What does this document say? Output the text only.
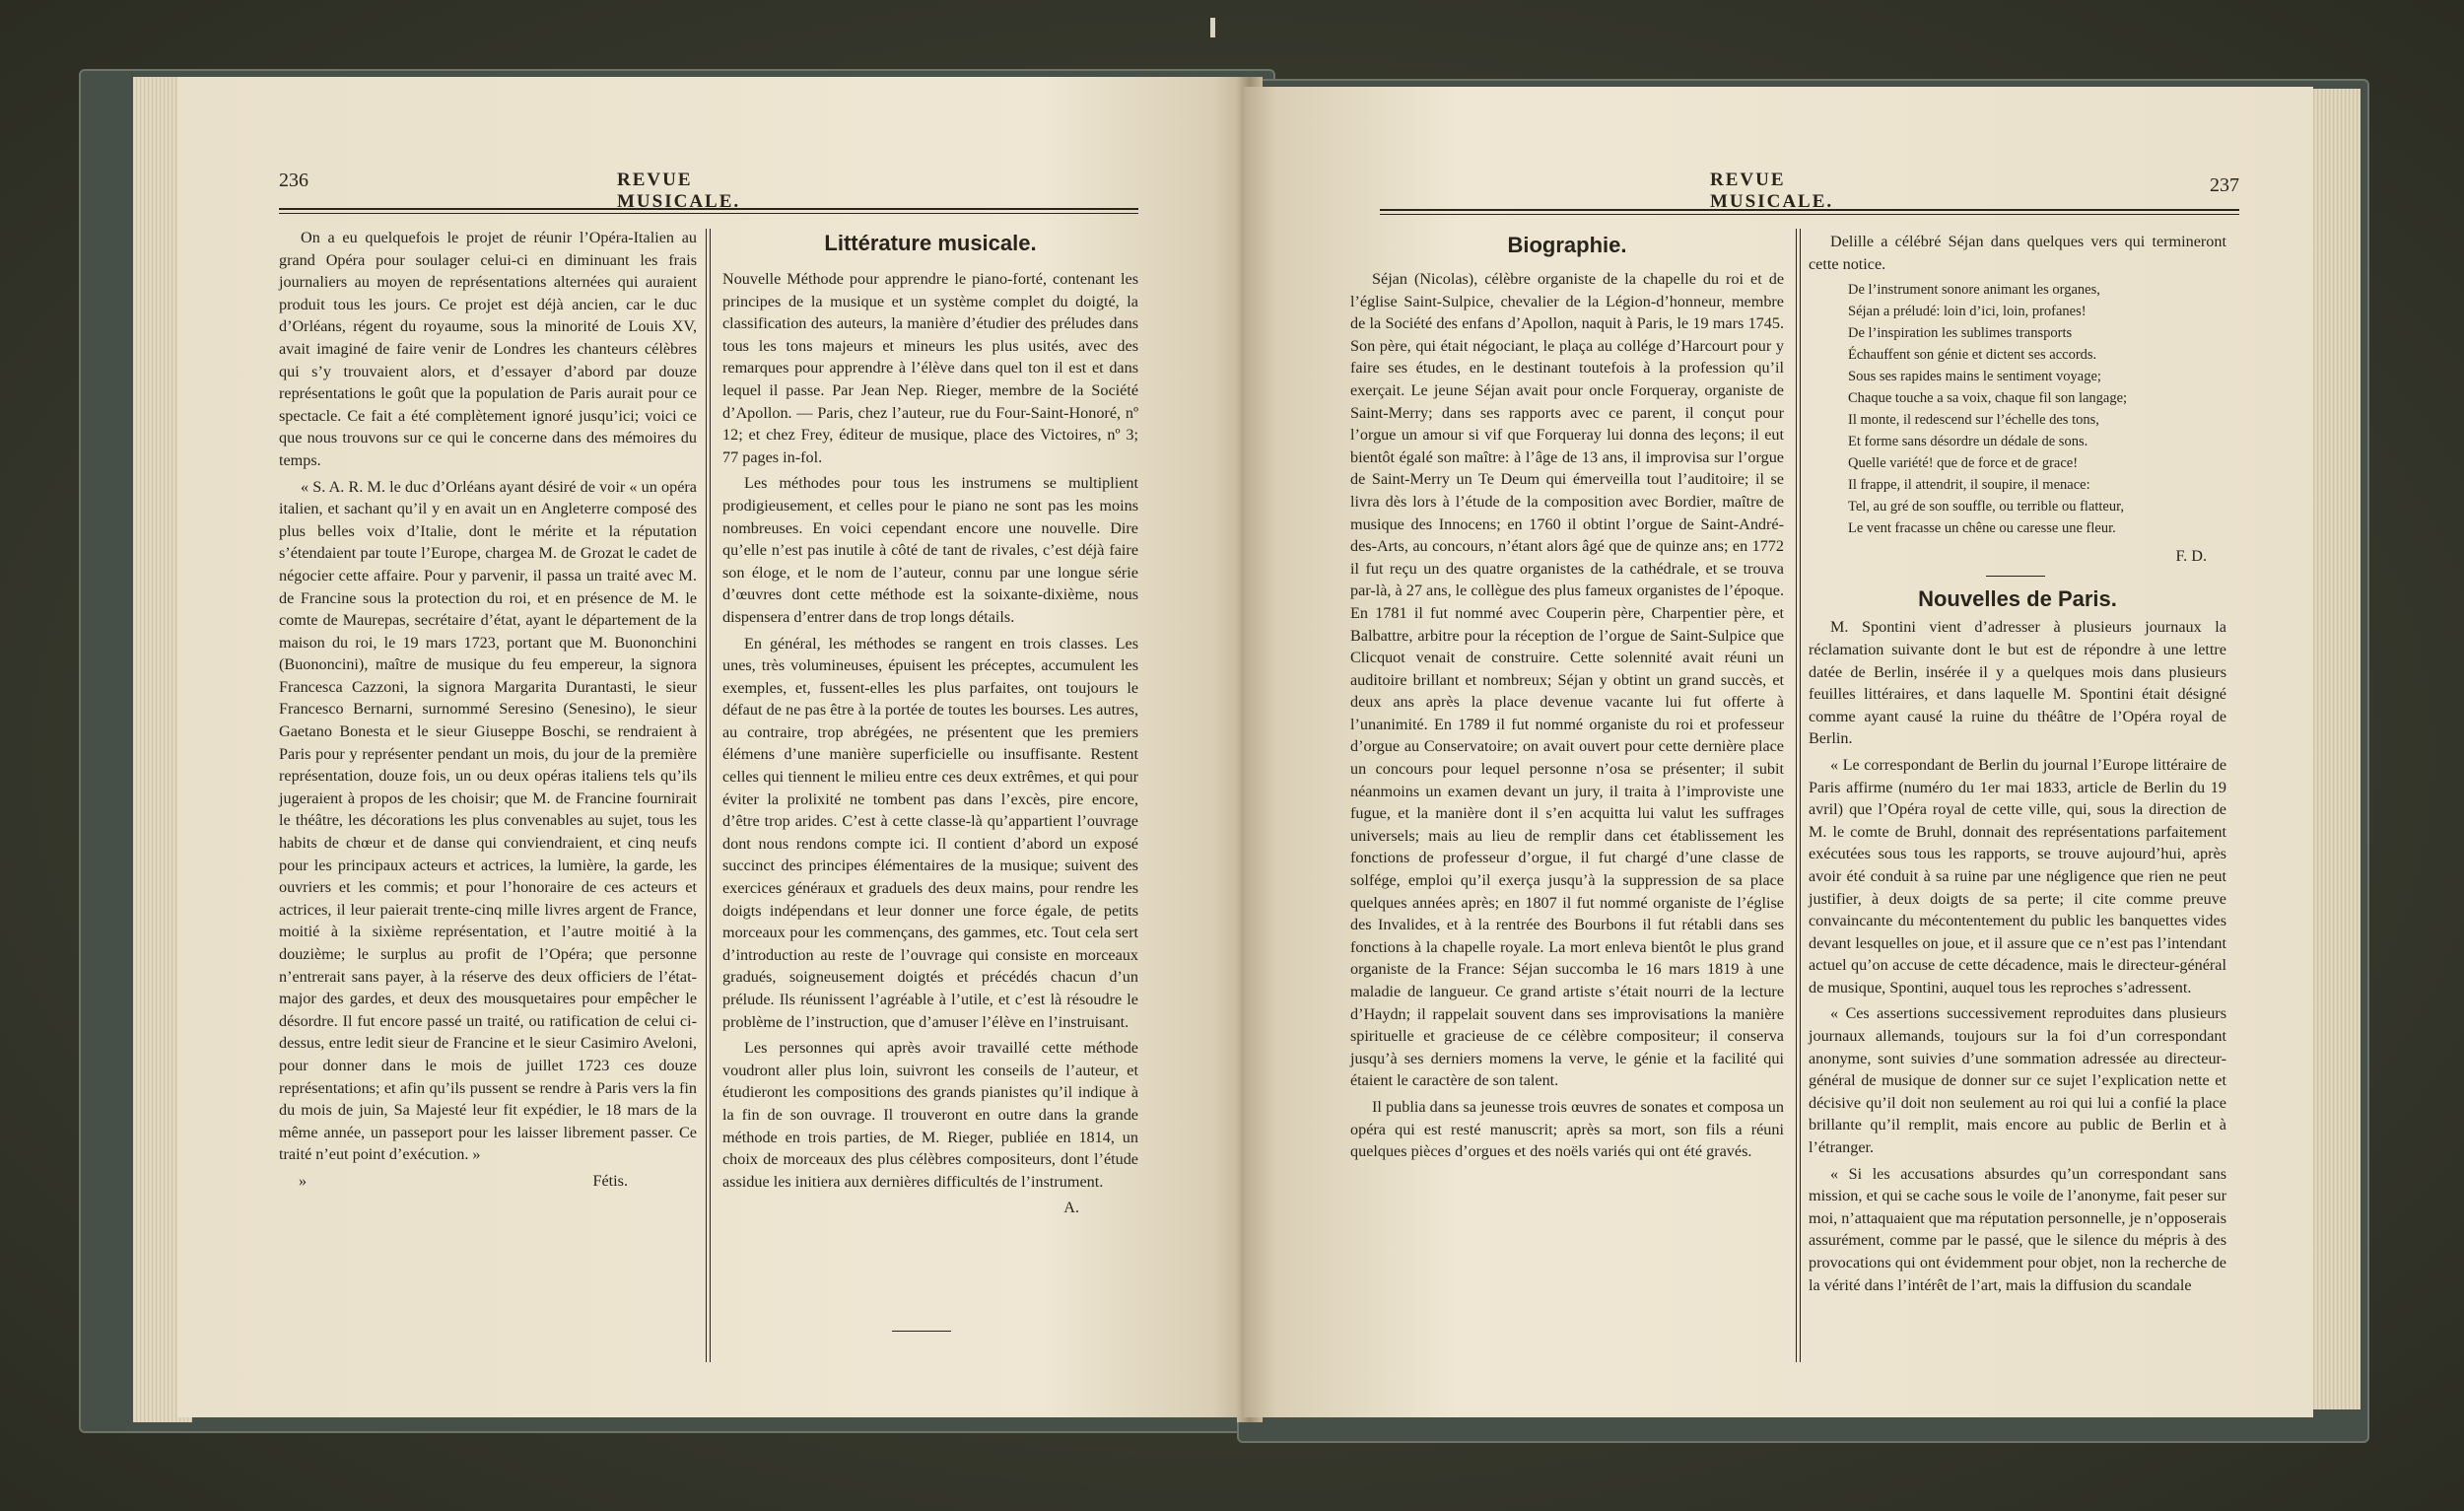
236	REVUE MUSICALE.

On a eu quelquefois le projet de réunir l’Opéra-Italien au grand Opéra pour soulager celui-ci en diminuant les frais journaliers au moyen de représentations alternées qui auraient produit tous les jours. Ce projet est déjà ancien, car le duc d’Orléans, régent du royaume, sous la minorité de Louis XV, avait imaginé de faire venir de Londres les chanteurs célèbres qui s’y trouvaient alors, et d’essayer d’abord par douze représentations le goût que la population de Paris aurait pour ce spectacle. Ce fait a été complètement ignoré jusqu’ici; voici ce que nous trouvons sur ce qui le concerne dans des mémoires du temps.

« S. A. R. M. le duc d’Orléans ayant désiré de voir « un opéra italien, et sachant qu’il y en avait un en Angleterre composé des plus belles voix d’Italie, dont le mérite et la réputation s’étendaient par toute l’Europe, chargea M. de Grozat le cadet de négocier cette affaire. Pour y parvenir, il passa un traité avec M. de Francine sous la protection du roi, et en présence de M. le comte de Maurepas, secrétaire d’état, ayant le département de la maison du roi, le 19 mars 1723, portant que M. Buononchini (Buononcini), maître de musique du feu empereur, la signora Francesca Cazzoni, la signora Margarita Durantasti, le sieur Francesco Bernarni, surnommé Seresino (Senesino), le sieur Gaetano Bonesta et le sieur Giuseppe Boschi, se rendraient à Paris pour y représenter pendant un mois, du jour de la première représentation, douze fois, un ou deux opéras italiens tels qu’ils jugeraient à propos de les choisir; que M. de Francine fournirait le théâtre, les décorations les plus convenables au sujet, tous les habits de chœur et de danse qui conviendraient, et cinq neufs pour les principaux acteurs et actrices, la lumière, la garde, les ouvriers et les commis; et pour l’honoraire de ces acteurs et actrices, il leur paierait trente-cinq mille livres argent de France, moitié à la sixième représentation, et l’autre moitié à la douzième; le surplus au profit de l’Opéra; que personne n’entrerait sans payer, à la réserve des deux officiers de l’état-major des gardes, et deux des mousquetaires pour empêcher le désordre. Il fut encore passé un traité, ou ratification de celui ci-dessus, entre ledit sieur de Francine et le sieur Casimiro Aveloni, pour donner dans le mois de juillet 1723 ces douze représentations; et afin qu’ils pussent se rendre à Paris vers la fin du mois de juin, Sa Majesté leur fit expédier, le 18 mars de la même année, un passeport pour les laisser librement passer. Ce traité n’eut point d’exécution. »

»	Fétis.
Littérature musicale.

Nouvelle Méthode pour apprendre le piano-forté, contenant les principes de la musique et un système complet du doigté, la classification des auteurs, la manière d’étudier des préludes dans tous les tons majeurs et mineurs les plus usités, avec des remarques pour apprendre à l’élève dans quel ton il est et dans lequel il passe. Par Jean Nep. Rieger, membre de la Société d’Apollon. — Paris, chez l’auteur, rue du Four-Saint-Honoré, nº 12; et chez Frey, éditeur de musique, place des Victoires, nº 3; 77 pages in-fol.

Les méthodes pour tous les instrumens se multiplient prodigieusement, et celles pour le piano ne sont pas les moins nombreuses. En voici cependant encore une nouvelle. Dire qu’elle n’est pas inutile à côté de tant de rivales, c’est déjà faire son éloge, et le nom de l’auteur, connu par une longue série d’œuvres dont cette méthode est la soixante-dixième, nous dispensera d’entrer dans de trop longs détails.

En général, les méthodes se rangent en trois classes. Les unes, très volumineuses, épuisent les préceptes, accumulent les exemples, et, fussent-elles les plus parfaites, ont toujours le défaut de ne pas être à la portée de toutes les bourses. Les autres, au contraire, trop abrégées, ne présentent que les premiers élémens d’une manière superficielle ou insuffisante. Restent celles qui tiennent le milieu entre ces deux extrêmes, et qui pour éviter la prolixité ne tombent pas dans l’excès, pire encore, d’être trop arides. C’est à cette classe-là qu’appartient l’ouvrage dont nous rendons compte ici. Il contient d’abord un exposé succinct des principes élémentaires de la musique; suivent des exercices généraux et graduels des deux mains, pour rendre les doigts indépendans et leur donner une force égale, de petits morceaux pour les commençans, des gammes, etc. Tout cela sert d’introduction au reste de l’ouvrage qui consiste en morceaux gradués, soigneusement doigtés et précédés chacun d’un prélude. Ils réunissent l’agréable à l’utile, et c’est là résoudre le problème de l’instruction, que d’amuser l’élève en l’instruisant.

Les personnes qui après avoir travaillé cette méthode voudront aller plus loin, suivront les conseils de l’auteur, et étudieront les compositions des grands pianistes qu’il indique à la fin de son ouvrage. Il trouveront en outre dans la grande méthode en trois parties, de M. Rieger, publiée en 1814, un choix de morceaux des plus célèbres compositeurs, dont l’étude assidue les initiera aux dernières difficultés de l’instrument.

A.
REVUE MUSICALE.
237
Biographie.

Séjan (Nicolas), célèbre organiste de la chapelle du roi et de l’église Saint-Sulpice, chevalier de la Légion-d’honneur, membre de la Société des enfans d’Apollon, naquit à Paris, le 19 mars 1745. Son père, qui était négociant, le plaça au collége d’Harcourt pour y faire ses études, en le destinant toutefois à la profession qu’il exerçait. Le jeune Séjan avait pour oncle Forqueray, organiste de Saint-Merry; dans ses rapports avec ce parent, il conçut pour l’orgue un amour si vif que Forqueray lui donna des leçons; il eut bientôt égalé son maître: à l’âge de 13 ans, il improvisa sur l’orgue de Saint-Merry un Te Deum qui émerveilla tout l’auditoire; il se livra dès lors à l’étude de la composition avec Bordier, maître de musique des Innocens; en 1760 il obtint l’orgue de Saint-André-des-Arts, au concours, n’étant alors âgé que de quinze ans; en 1772 il fut reçu un des quatre organistes de la cathédrale, et se trouva par-là, à 27 ans, le collègue des plus fameux organistes de l’époque. En 1781 il fut nommé avec Couperin père, Charpentier père, et Balbattre, arbitre pour la réception de l’orgue de Saint-Sulpice que Clicquot venait de construire. Cette solennité avait réuni un auditoire brillant et nombreux; Séjan y obtint un grand succès, et deux ans après la place devenue vacante lui fut offerte à l’unanimité. En 1789 il fut nommé organiste du roi et professeur d’orgue au Conservatoire; on avait ouvert pour cette dernière place un concours pour lequel personne n’osa se présenter; il subit néanmoins un examen devant un jury, il traita à l’improviste une fugue, et la manière dont il s’en acquitta lui valut les suffrages universels; mais au lieu de remplir dans cet établissement les fonctions de professeur d’orgue, il fut chargé d’une classe de solfége, emploi qu’il exerça jusqu’à la suppression de sa place quelques années après; en 1807 il fut nommé organiste de l’église des Invalides, et à la rentrée des Bourbons il fut rétabli dans ses fonctions à la chapelle royale. La mort enleva bientôt le plus grand organiste de la France: Séjan succomba le 16 mars 1819 à une maladie de langueur. Ce grand artiste s’était nourri de la lecture d’Haydn; il rappelait souvent dans ses improvisations la manière spirituelle et gracieuse de ce célèbre compositeur; il conserva jusqu’à ses derniers momens la verve, le génie et la facilité qui étaient le caractère de son talent.

Il publia dans sa jeunesse trois œuvres de sonates et composa un opéra qui est resté manuscrit; après sa mort, son fils a réuni quelques pièces d’orgues et des noëls variés qui ont été gravés.

Delille a célébré Séjan dans quelques vers qui termineront cette notice.

De l’instrument sonore animant les organes,
Séjan a préludé: loin d’ici, loin, profanes!
De l’inspiration les sublimes transports
Échauffent son génie et dictent ses accords.
Sous ses rapides mains le sentiment voyage;
Chaque touche a sa voix, chaque fil son langage;
Il monte, il redescend sur l’échelle des tons,
Et forme sans désordre un dédale de sons.
Quelle variété! que de force et de grace!
Il frappe, il attendrit, il soupire, il menace:
Tel, au gré de son souffle, ou terrible ou flatteur,
Le vent fracasse un chêne ou caresse une fleur.
F. D.
Nouvelles de Paris.

M. Spontini vient d’adresser à plusieurs journaux la réclamation suivante dont le but est de répondre à une lettre datée de Berlin, insérée il y a quelques mois dans plusieurs feuilles littéraires, et dans laquelle M. Spontini était désigné comme ayant causé la ruine du théâtre de l’Opéra royal de Berlin.

« Le correspondant de Berlin du journal l’Europe littéraire de Paris affirme (numéro du 1er mai 1833, article de Berlin du 19 avril) que l’Opéra royal de cette ville, qui, sous la direction de M. le comte de Bruhl, donnait des représentations parfaitement exécutées sous tous les rapports, se trouve aujourd’hui, après avoir été conduit à sa ruine par une négligence que rien ne peut justifier, à deux doigts de sa perte; il cite comme preuve convaincante du mécontentement du public les banquettes vides devant lesquelles on joue, et il assure que ce n’est pas l’intendant actuel qu’on accuse de cette décadence, mais le directeur-général de musique, Spontini, auquel tous les reproches s’adressent.

« Ces assertions successivement reproduites dans plusieurs journaux allemands, toujours sur la foi d’un correspondant anonyme, sont suivies d’une sommation adressée au directeur-général de musique de donner sur ce sujet l’explication nette et décisive qu’il doit non seulement au roi qui lui a confié la place brillante qu’il remplit, mais encore au public de Berlin et à l’étranger.

« Si les accusations absurdes qu’un correspondant sans mission, et qui se cache sous le voile de l’anonyme, fait peser sur moi, n’attaquaient que ma réputation personnelle, je n’opposerais assurément, comme par le passé, que le silence du mépris à des provocations qui ont évidemment pour objet, non la recherche de la vérité dans l’intérêt de l’art, mais la diffusion du scandale
